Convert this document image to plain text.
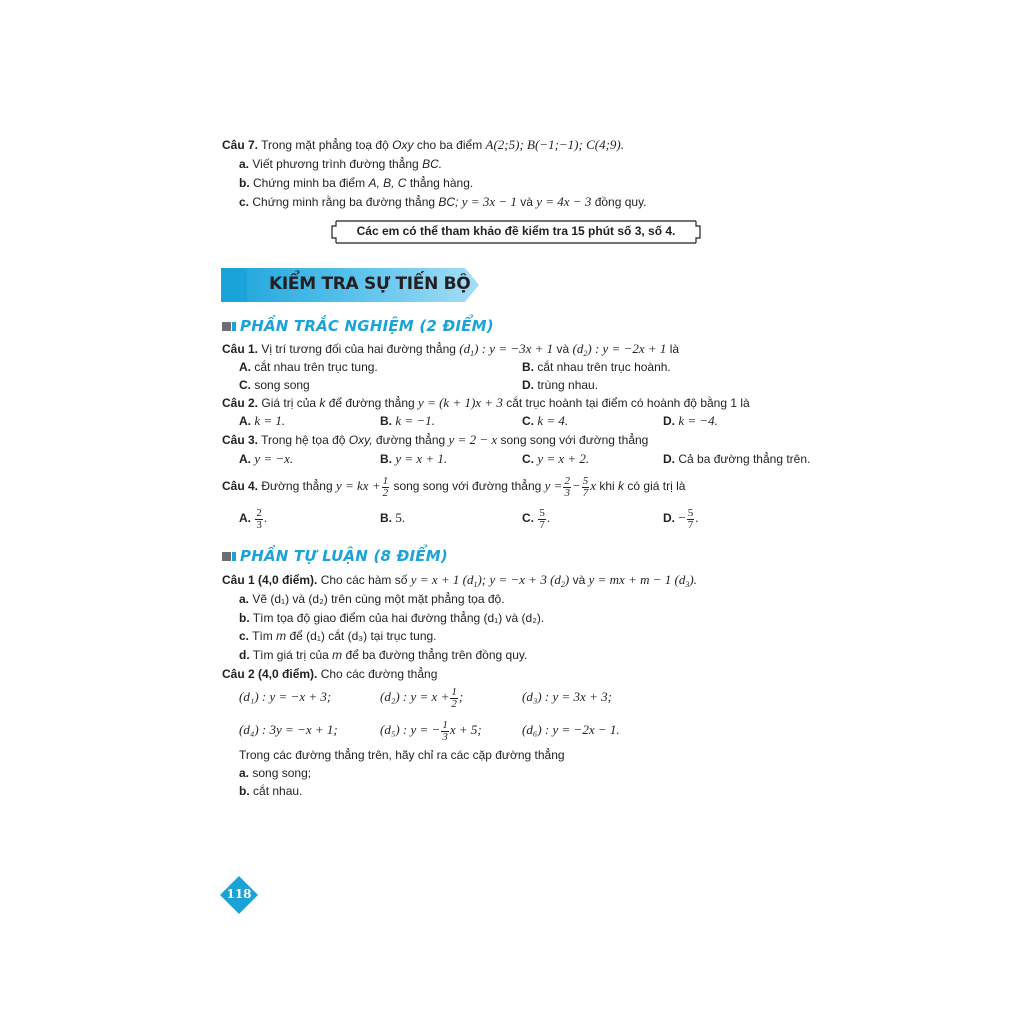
Câu 7. Trong mặt phẳng toạ độ Oxy cho ba điểm A(2;5); B(−1;−1); C(4;9).
a. Viết phương trình đường thẳng BC.
b. Chứng minh ba điểm A, B, C thẳng hàng.
c. Chứng minh rằng ba đường thẳng BC; y = 3x − 1 và y = 4x − 3 đồng quy.
Các em có thể tham khảo đề kiểm tra 15 phút số 3, số 4.
KIỂM TRA SỰ TIẾN BỘ
PHẦN TRẮC NGHIỆM (2 ĐIỂM)
Câu 1. Vị trí tương đối của hai đường thẳng $(d_1)$ : y = −3x + 1 và $(d_2)$ : y = −2x + 1 là
A. cắt nhau trên trục tung.	B. cắt nhau trên trục hoành.
C. song song	D. trùng nhau.
Câu 2. Giá trị của k để đường thẳng y = (k + 1)x + 3 cắt trục hoành tại điểm có hoành độ bằng 1 là
A. k = 1.	B. k = −1.	C. k = 4.	D. k = −4.
Câu 3. Trong hệ tọa độ Oxy, đường thẳng y = 2 − x song song với đường thẳng
A. y = −x.	B. y = x + 1.	C. y = x + 2.	D. Cả ba đường thẳng trên.
Câu 4. Đường thẳng y = kx + $\frac{1}{2}$ song song với đường thẳng $y = \frac{2}{3} - \frac{5}{7}$ x khi k có giá trị là
A. $\frac{2}{3}$ .	B. 5.	C. $\frac{5}{7}$ .	D. − $\frac{5}{7}$ .
PHẦN TỰ LUẬN (8 ĐIỂM)
Câu 1 (4,0 điểm). Cho các hàm số y = x + 1 $(d_1)$; y = −x + 3 $(d_2)$ và y = mx + m − 1 $(d_3)$.
a. Vẽ (d₁) và (d₂) trên cùng một mặt phẳng tọa độ.
b. Tìm tọa độ giao điểm của hai đường thẳng (d₁) và (d₂).
c. Tìm m để (d₁) cắt (d₃) tại trục tung.
d. Tìm giá trị của m để ba đường thẳng trên đồng quy.
Câu 2 (4,0 điểm). Cho các đường thẳng
(d₁) : y = −x + 3;	(d₂) : $y = x + \frac{1}{2}$ ;	(d₃) : y = 3x + 3;
(d₄) : 3y = −x + 1;	(d₅) : y = − $\frac{1}{3}$ x + 5;	(d₆) : y = −2x − 1.
Trong các đường thẳng trên, hãy chỉ ra các cặp đường thẳng
a. song song;
b. cắt nhau.
118
